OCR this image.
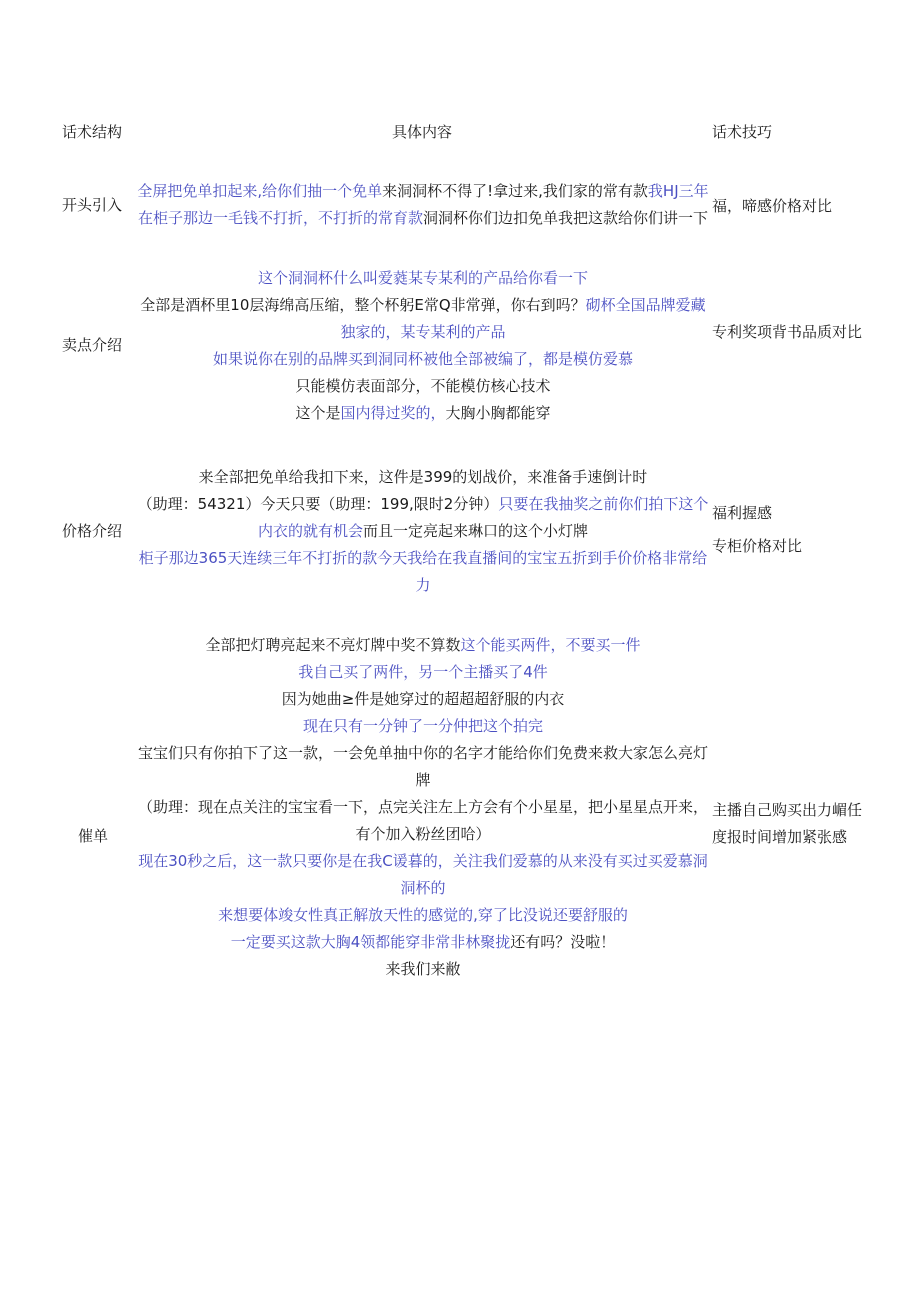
话术结构	具体内容	话术技巧
开头引入
全屏把免单扣起来,给你们抽一个免单来洞洞杯不得了!拿过来,我们家的常有款我HJ三年在柜子那边一毛钱不打折，不打折的常育款洞洞杯你们边扣免单我把这款给你们讲一下

福，啼感价格对比

卖点介绍
这个洞洞杯什么叫爱蕤某专某利的产品给你看一下
全部是酒杯里10层海绵高压缩，整个杯躬E常Q非常弹，你右到吗？砌杯全国品牌爱藏独家的，某专某利的产品
如果说你在别的品牌买到洞同杯被他全部被编了，都是模仿爱慕
只能模仿表面部分，不能模仿核心技术
这个是国内得过奖的，大胸小胸都能穿

专利奖项背书品质对比

价格介绍
来全部把免单给我扣下来，这件是399的划战价，来准备手速倒计时
（助理：54321）今天只要（助理：199,限时2分钟）只要在我抽奖之前你们拍下这个内衣的就有机会而且一定亮起来琳口的这个小灯牌
柜子那边365天连续三年不打折的款今天我给在我直播间的宝宝五折到手价价格非常给力

福利握感

专柜价格对比

催单
全部把灯聘亮起来不亮灯牌中奖不算数这个能买两件，不要买一件
我自己买了两件，另一个主播买了4件
因为她曲≥件是她穿过的超超超舒服的内衣
现在只有一分钟了一分仲把这个拍完
宝宝们只有你拍下了这一款，一会免单抽中你的名字才能给你们免费来救大家怎么亮灯牌
（助理：现在点关注的宝宝看一下，点完关注左上方会有个小星星，把小星星点开来，有个加入粉丝团哈）
现在30秒之后，这一款只要你是在我C谖暮的，关注我们爱慕的从来没有买过买爱慕洞洞杯的
来想要体竣女性真正解放天性的感觉的,穿了比没说还要舒服的
一定要买这款大胸4领都能穿非常非林聚拢还有吗？没啦！
来我们来敝

主播自己购买出力嵋任度报时间增加紧张感
